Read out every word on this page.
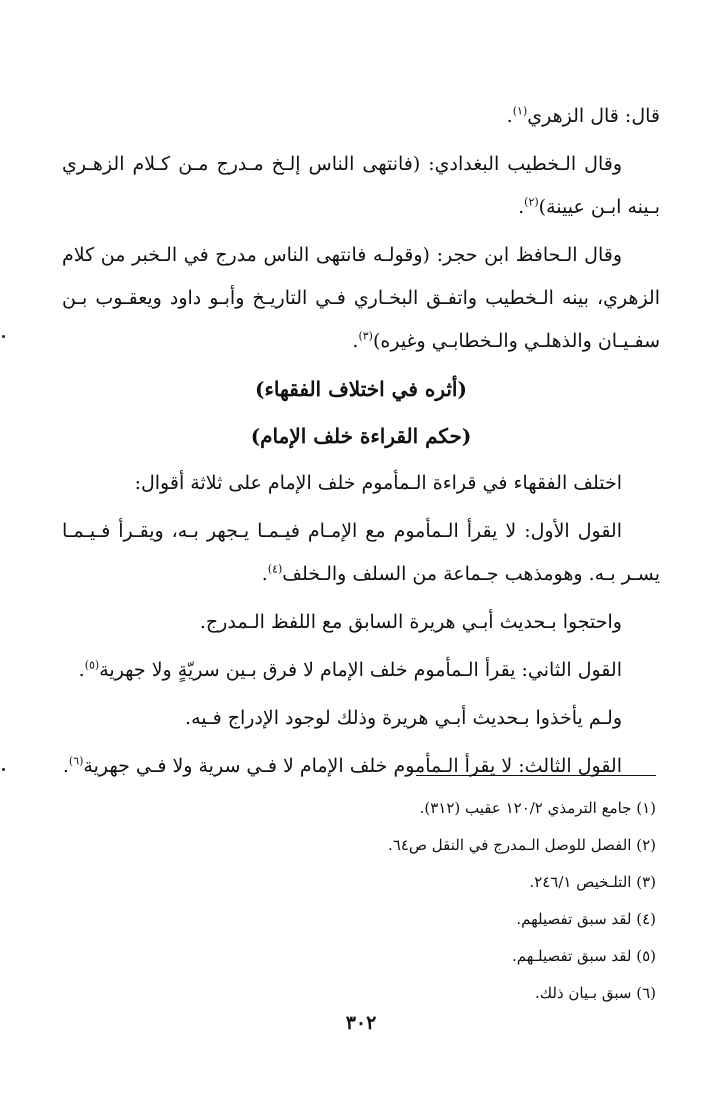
قال: قال الزهري$^{(١)}$.

وقال الـخطيب البغدادي: (فانتهى الناس إلـخ مـدرج مـن كـلام الزهـري بـينه ابـن عيينة)$^{(٢)}$.

وقال الـحافظ ابن حجر: (وقولـه فانتهى الناس مدرج في الـخبر من كلام الزهري، بينه الـخطيب واتفـق البخـاري فـي التاريـخ وأبـو داود ويعقـوب بـن سفـيـان والذهلـي والـخطابـي وغيره)$^{(٣)}$.

(أثره في اختلاف الفقهاء)

(حكم القراءة خلف الإمام)

اختلف الفقهاء في قراءة الـمأموم خلف الإمام على ثلاثة أقوال:

القول الأول: لا يقرأ الـمأموم مع الإمـام فيـمـا يـجهر بـه، ويقـرأ فـيـمـا يسـر بـه. وهومذهب جـماعة من السلف والـخلف$^{(٤)}$.

واحتجوا بـحديث أبـي هريرة السابق مع اللفظ الـمدرج.

القول الثاني: يقرأ الـمأموم خلف الإمام لا فرق بـين سريّةٍ ولا جهرية$^{(٥)}$.

ولـم يأخذوا بـحديث أبـي هريرة وذلك لوجود الإدراج فـيه.

القول الثالث: لا يقرأ الـمأموم خلف الإمام لا فـي سرية ولا فـي جهرية$^{(٦)}$.

(١) جامع الترمذي ١٢٠/٢ عقيب (٣١٢).

(٢) الفصل للوصل الـمدرج في النقل ص٦٤.

(٣) التلـخيص ٢٤٦/١.

(٤) لقد سبق تفصيلهم.

(٥) لقد سبق تفصيلـهم.

(٦) سبق بـيان ذلك.

٣٠٢
